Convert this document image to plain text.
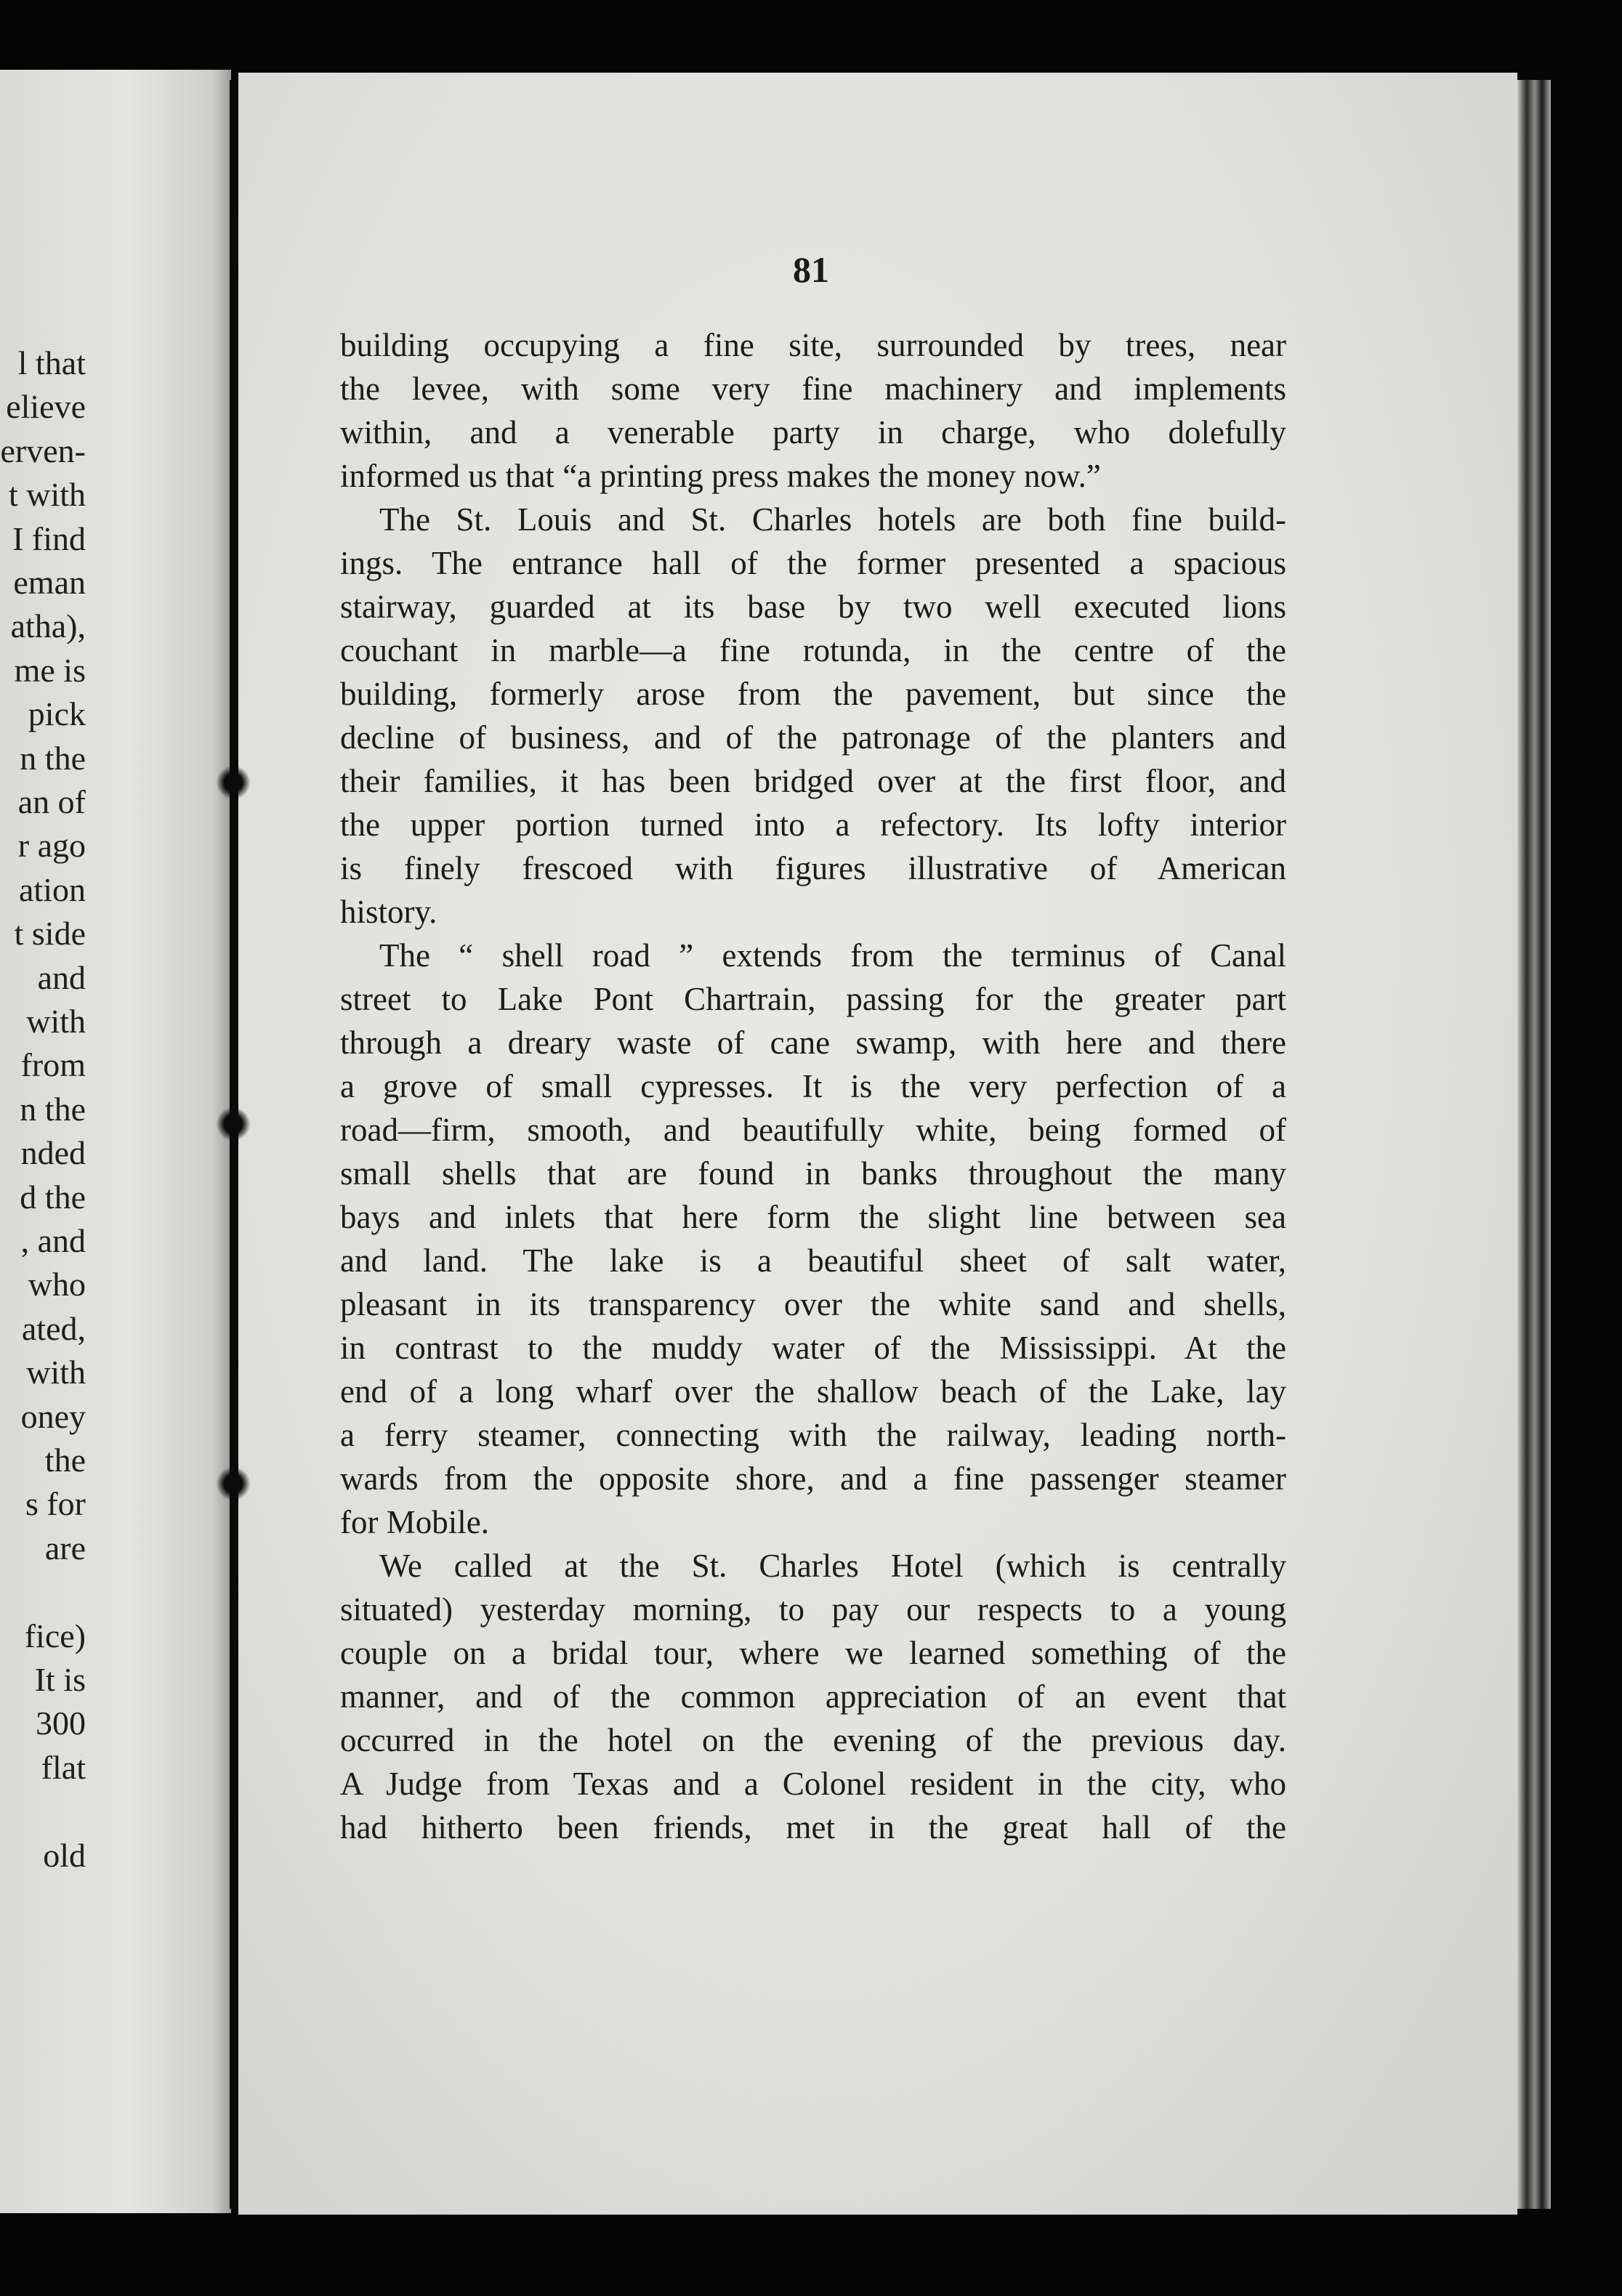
81
building occupying a fine site, surrounded by trees, near
the levee, with some very fine machinery and implements
within, and a venerable party in charge, who dolefully
informed us that “a printing press makes the money now.”
The St. Louis and St. Charles hotels are both fine build-
ings. The entrance hall of the former presented a spacious
stairway, guarded at its base by two well executed lions
couchant in marble—a fine rotunda, in the centre of the
building, formerly arose from the pavement, but since the
decline of business, and of the patronage of the planters and
their families, it has been bridged over at the first floor, and
the upper portion turned into a refectory. Its lofty interior
is finely frescoed with figures illustrative of American
history.
The “ shell road ” extends from the terminus of Canal
street to Lake Pont Chartrain, passing for the greater part
through a dreary waste of cane swamp, with here and there
a grove of small cypresses. It is the very perfection of a
road—firm, smooth, and beautifully white, being formed of
small shells that are found in banks throughout the many
bays and inlets that here form the slight line between sea
and land. The lake is a beautiful sheet of salt water,
pleasant in its transparency over the white sand and shells,
in contrast to the muddy water of the Mississippi. At the
end of a long wharf over the shallow beach of the Lake, lay
a ferry steamer, connecting with the railway, leading north-
wards from the opposite shore, and a fine passenger steamer
for Mobile.
We called at the St. Charles Hotel (which is centrally
situated) yesterday morning, to pay our respects to a young
couple on a bridal tour, where we learned something of the
manner, and of the common appreciation of an event that
occurred in the hotel on the evening of the previous day.
A Judge from Texas and a Colonel resident in the city, who
had hitherto been friends, met in the great hall of the
l that
elieve
erven-
t with
I find
eman
atha),
me is
pick
n the
an of
r ago
ation
t side
and
with
from
n the
nded
d the
, and
who
ated,
with
oney
the
s for
are
fice)
It is
300
flat
old
